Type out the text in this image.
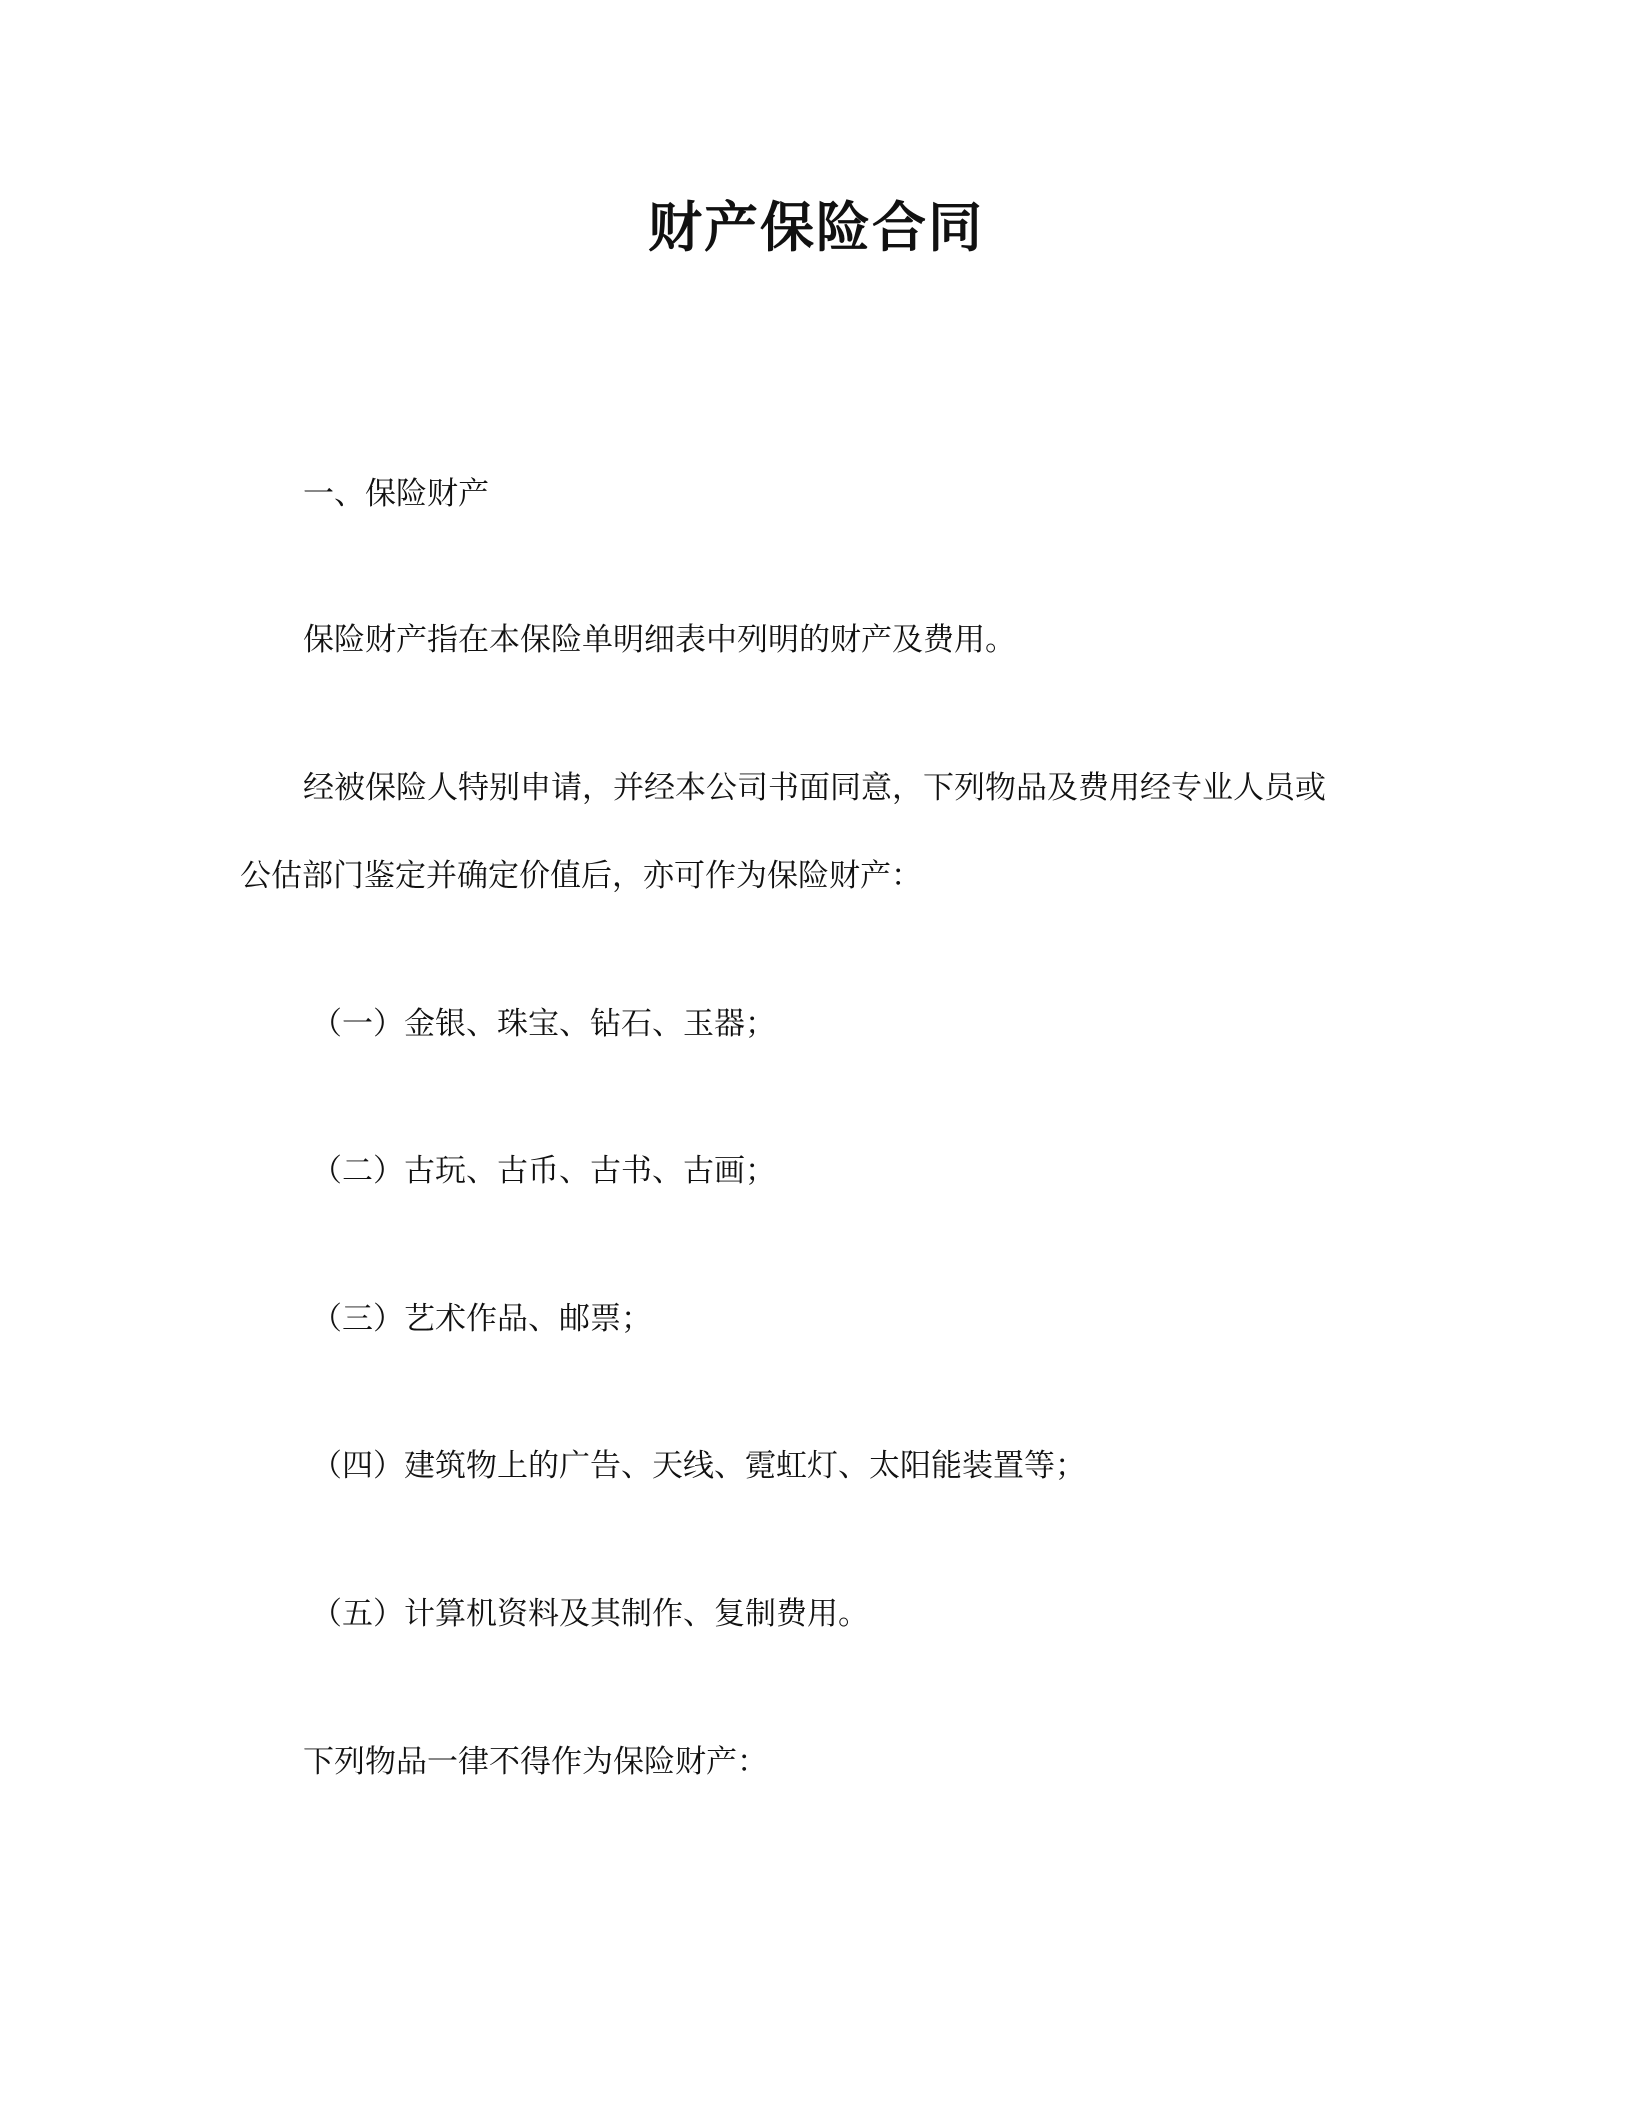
财产保险合同
一、保险财产
保险财产指在本保险单明细表中列明的财产及费用。
经被保险人特别申请，并经本公司书面同意，下列物品及费用经专业人员或
公估部门鉴定并确定价值后，亦可作为保险财产：
（一）金银、珠宝、钻石、玉器；
（二）古玩、古币、古书、古画；
（三）艺术作品、邮票；
（四）建筑物上的广告、天线、霓虹灯、太阳能装置等；
（五）计算机资料及其制作、复制费用。
下列物品一律不得作为保险财产：
